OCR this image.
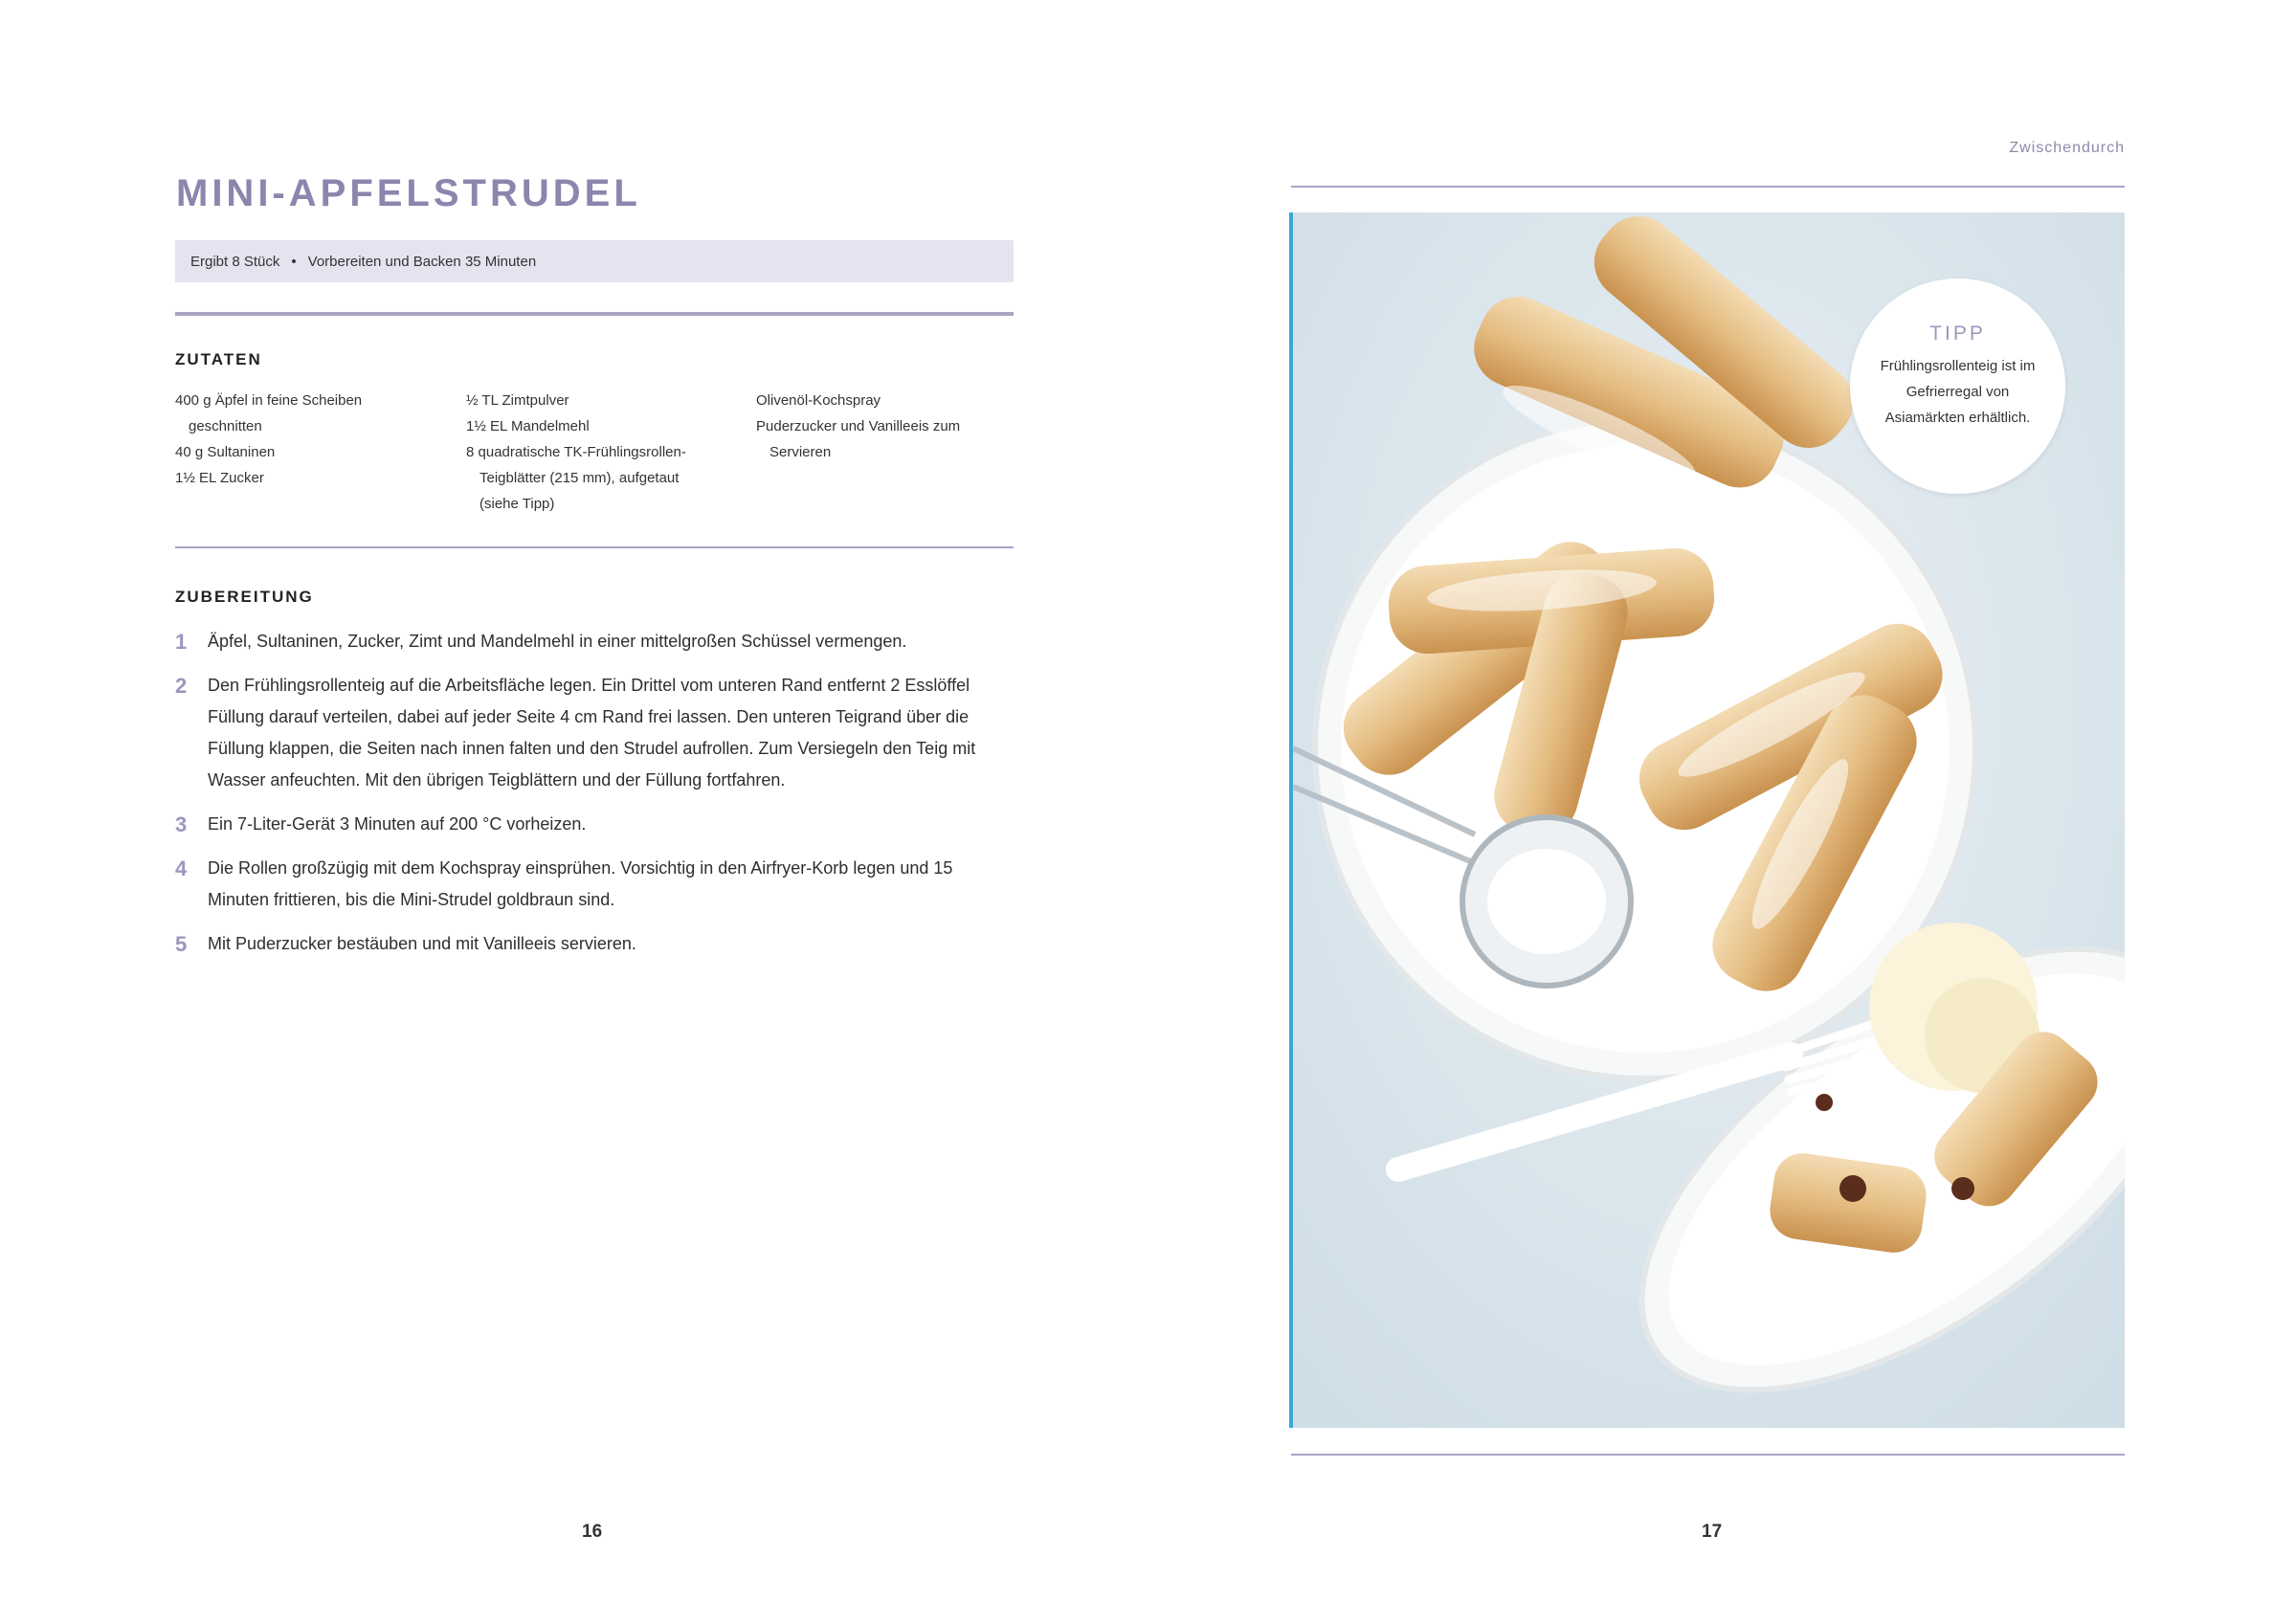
MINI-APFELSTRUDEL
Ergibt 8 Stück • Vorbereiten und Backen 35 Minuten
ZUTATEN
400 g Äpfel in feine Scheiben geschnitten
40 g Sultaninen
1½ EL Zucker
½ TL Zimtpulver
1½ EL Mandelmehl
8 quadratische TK-Frühlingsrollen-Teigblätter (215 mm), aufgetaut (siehe Tipp)
Olivenöl-Kochspray
Puderzucker und Vanilleeis zum Servieren
ZUBEREITUNG
1	Äpfel, Sultaninen, Zucker, Zimt und Mandelmehl in einer mittelgroßen Schüssel vermengen.
2	Den Frühlingsrollenteig auf die Arbeitsfläche legen. Ein Drittel vom unteren Rand entfernt 2 Esslöffel Füllung darauf verteilen, dabei auf jeder Seite 4 cm Rand frei lassen. Den unteren Teigrand über die Füllung klappen, die Seiten nach innen falten und den Strudel aufrollen. Zum Versiegeln den Teig mit Wasser anfeuchten. Mit den übrigen Teigblättern und der Füllung fortfahren.
3	Ein 7-Liter-Gerät 3 Minuten auf 200 °C vorheizen.
4	Die Rollen großzügig mit dem Kochspray einsprühen. Vorsichtig in den Airfryer-Korb legen und 15 Minuten frittieren, bis die Mini-Strudel goldbraun sind.
5	Mit Puderzucker bestäuben und mit Vanilleeis servieren.
16
Zwischendurch
TIPP
Frühlingsrollenteig ist im Gefrierregal von Asiamärkten erhältlich.
17
